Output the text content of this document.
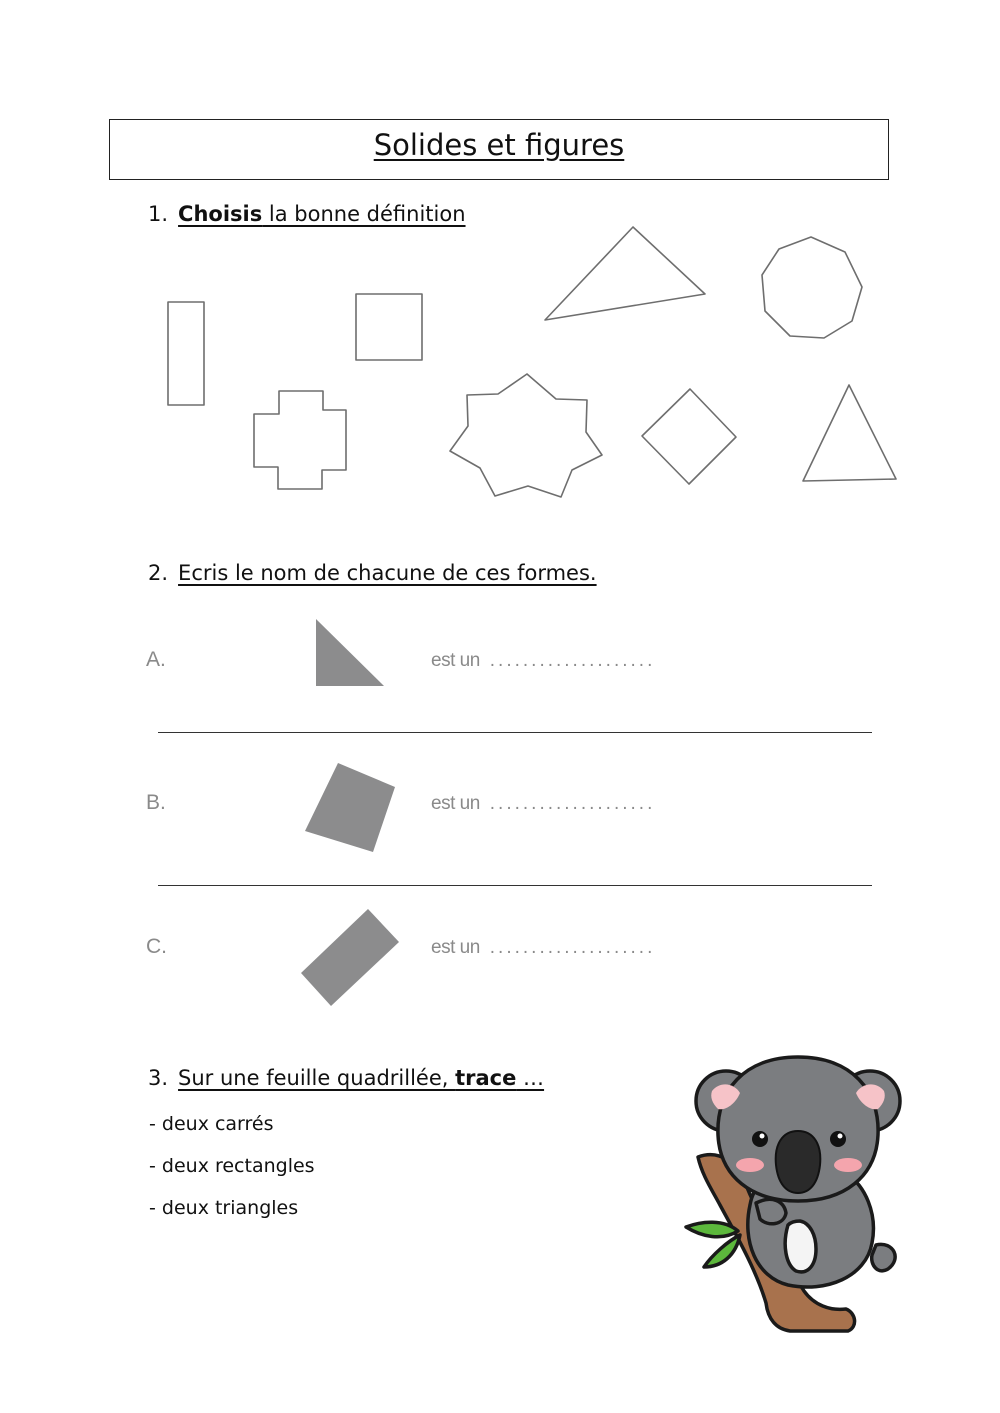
Solides et figures
1. Choisis la bonne définition
2. Ecris le nom de chacune de ces formes.
A.	est un ....................
B.	est un ....................
C.	est un ....................
3. Sur une feuille quadrillée, trace …
- deux carrés
- deux rectangles
- deux triangles
